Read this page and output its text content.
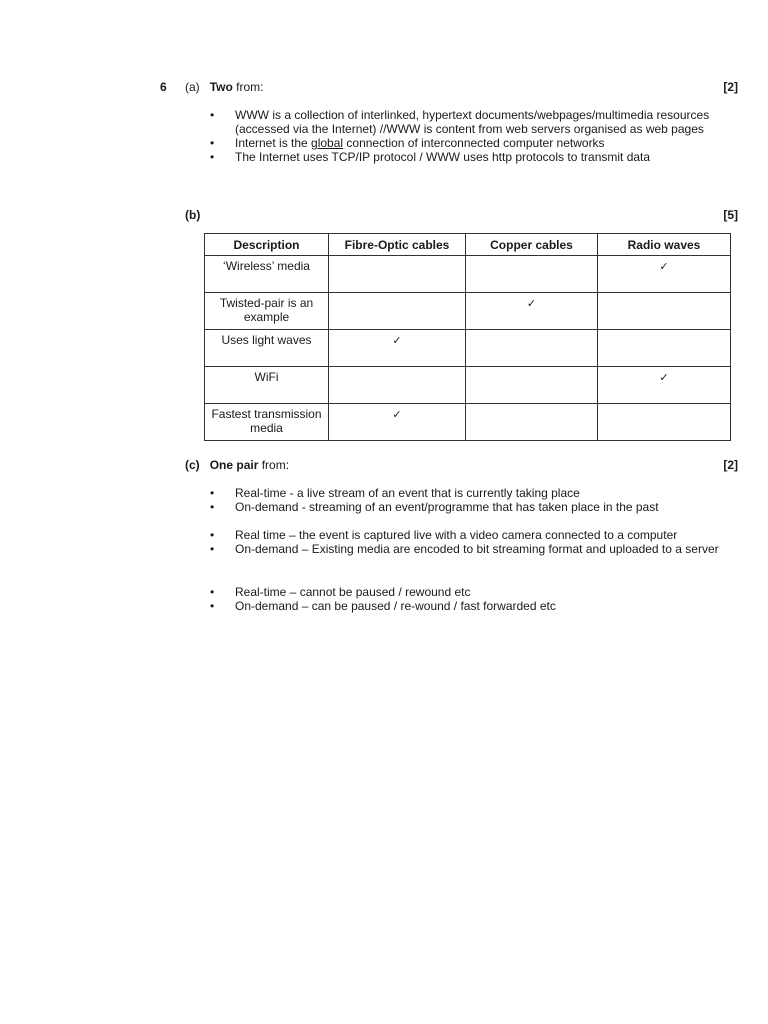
6 (a) Two from:	[2]
• WWW is a collection of interlinked, hypertext documents/webpages/multimedia resources (accessed via the Internet) //WWW is content from web servers organised as web pages
• Internet is the global connection of interconnected computer networks
• The Internet uses TCP/IP protocol / WWW uses http protocols to transmit data
(b)	[5]
Description	Fibre-Optic cables	Copper cables	Radio waves
‘Wireless’ media			✓
Twisted-pair is an example		✓	
Uses light waves	✓		
WiFi			✓
Fastest transmission media	✓		
(c) One pair from:	[2]
• Real-time - a live stream of an event that is currently taking place
• On-demand - streaming of an event/programme that has taken place in the past
• Real time – the event is captured live with a video camera connected to a computer
• On-demand – Existing media are encoded to bit streaming format and uploaded to a server
• Real-time – cannot be paused / rewound etc
• On-demand – can be paused / re-wound / fast forwarded etc
